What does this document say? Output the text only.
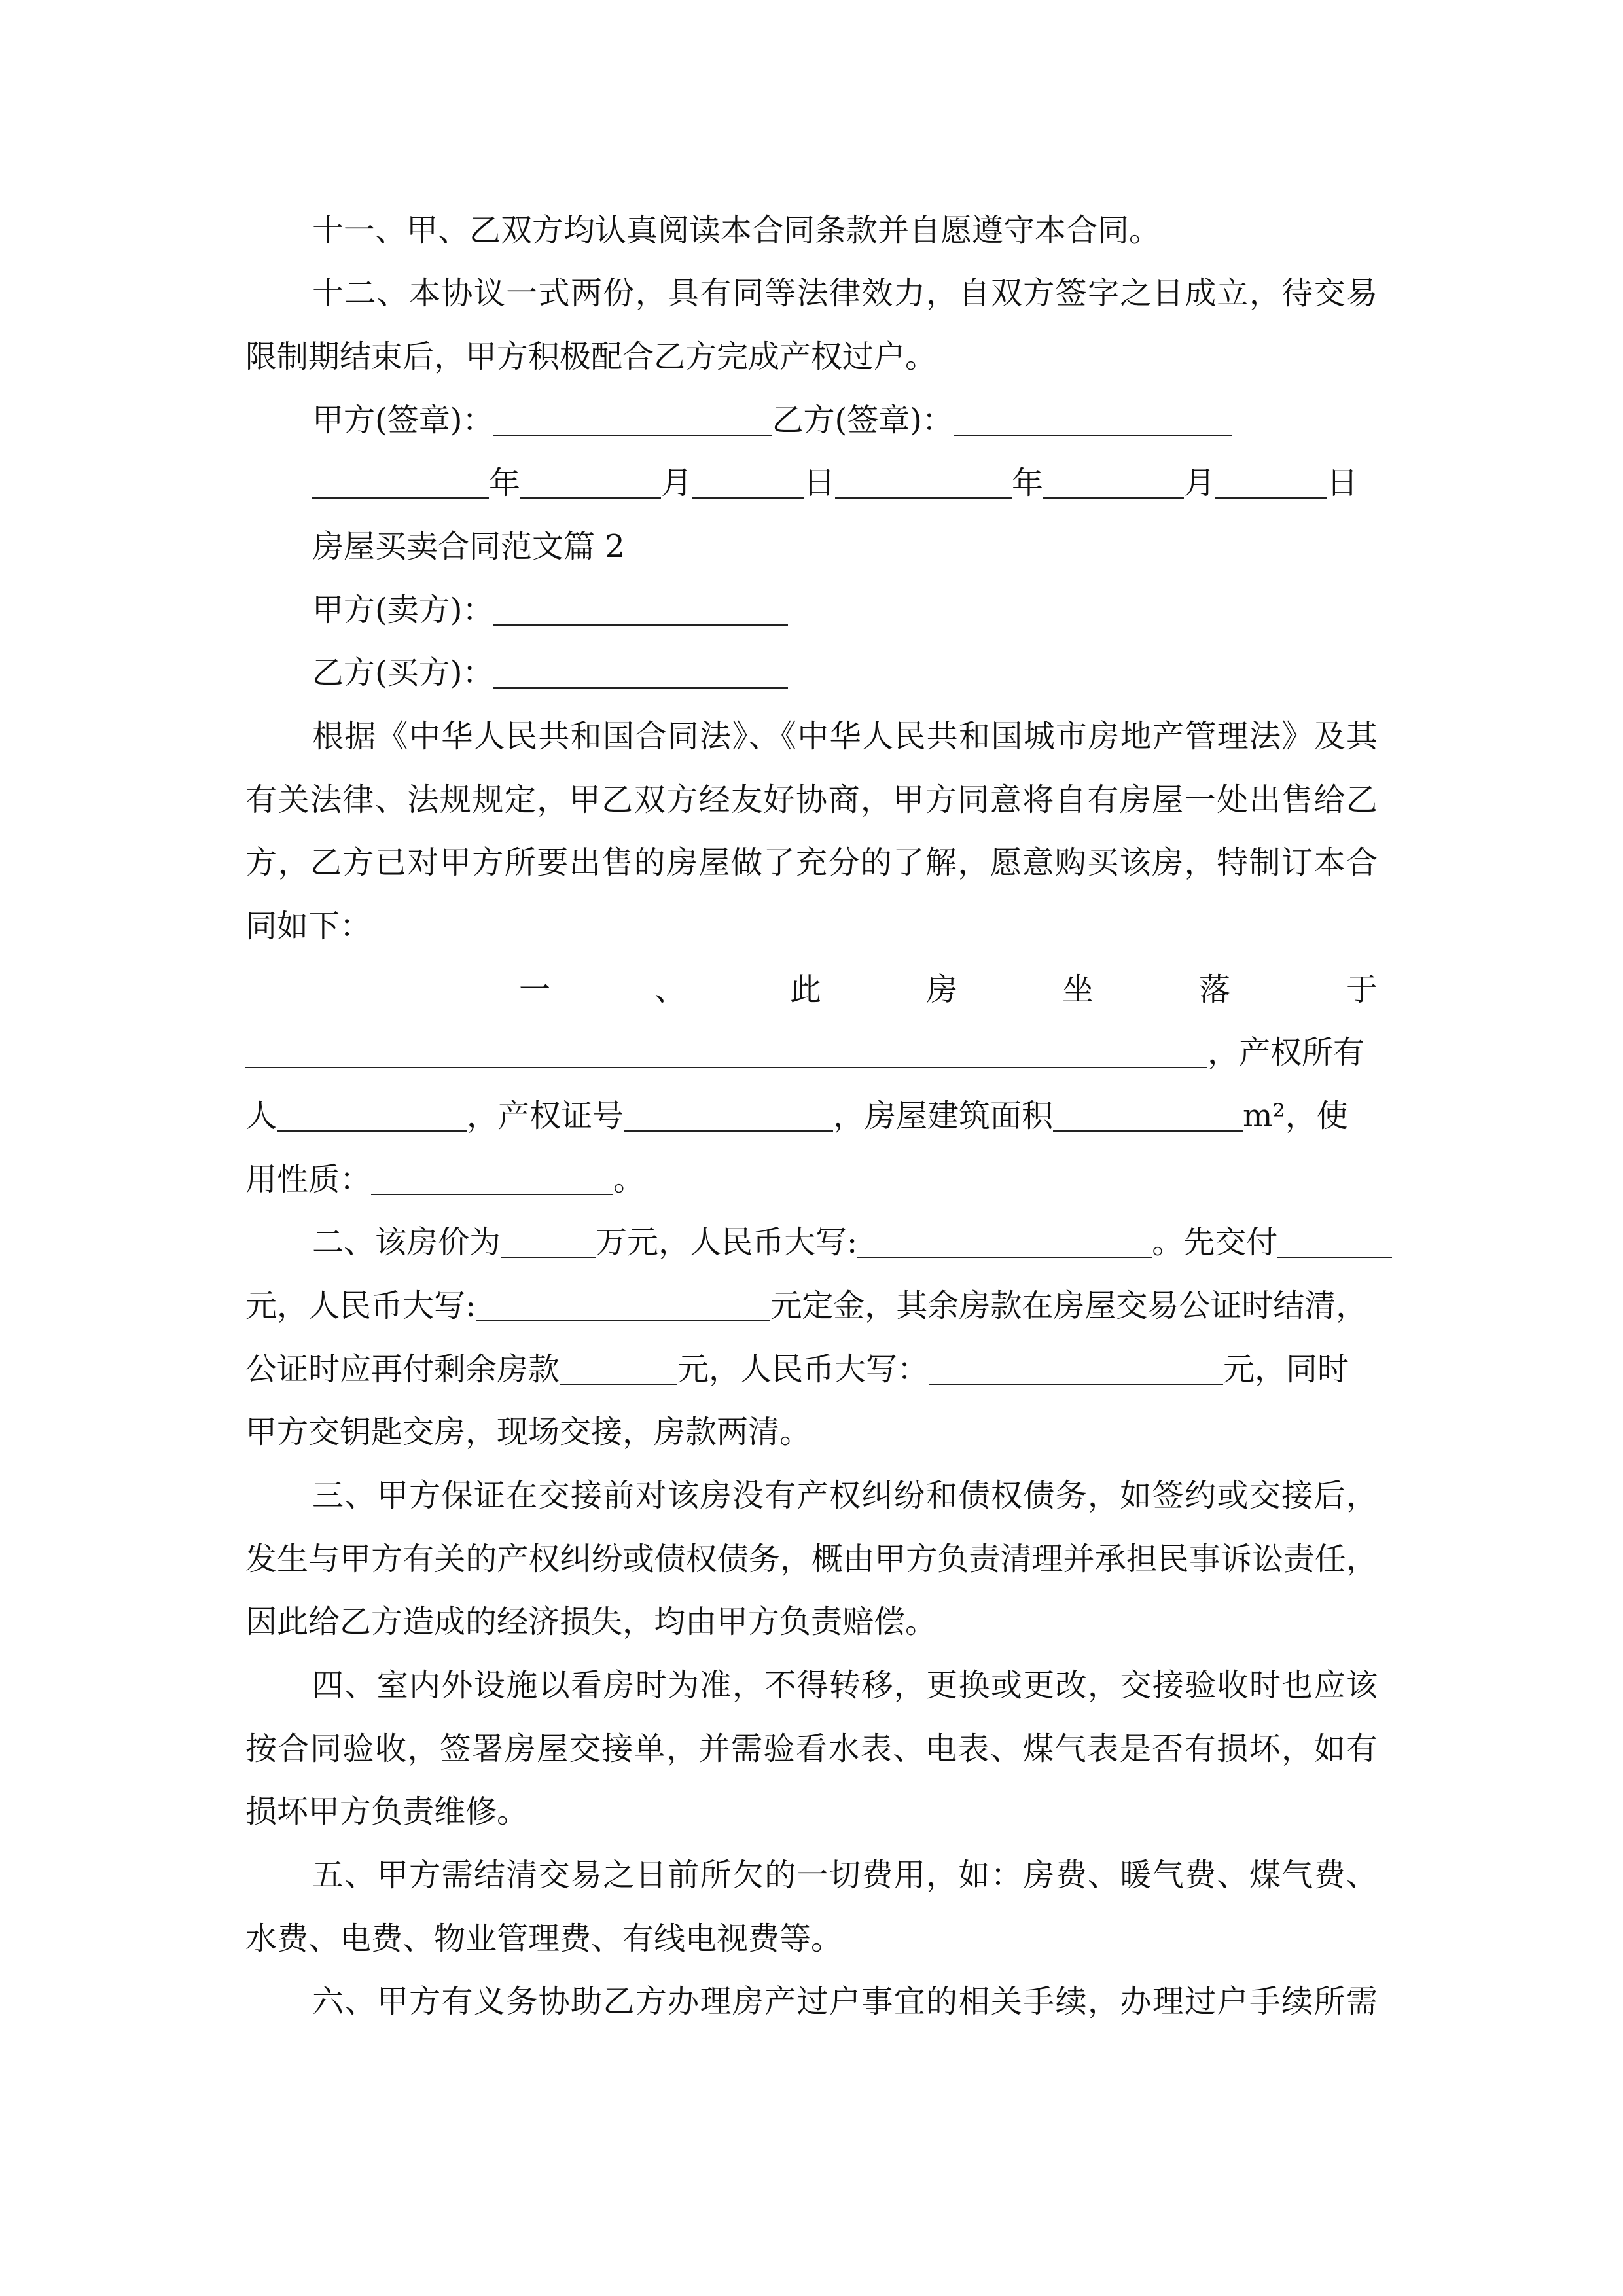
十一、甲、乙双方均认真阅读本合同条款并自愿遵守本合同。
十二、本协议一式两份，具有同等法律效力，自双方签字之日成立，待交易
限制期结束后，甲方积极配合乙方完成产权过户。
甲方(签章)：	乙方(签章)：
年	月	日	年	月	日
房屋买卖合同范文篇 2
甲方(卖方)：
乙方(买方)：
根据《中华人民共和国合同法》、《中华人民共和国城市房地产管理法》及其
有关法律、法规规定，甲乙双方经友好协商，甲方同意将自有房屋一处出售给乙
方，乙方已对甲方所要出售的房屋做了充分的了解，愿意购买该房，特制订本合
同如下：
一	、	此	房	坐	落	于
，产权所有
人	，产权证号	，房屋建筑面积	m²，使
用性质：	。
二、该房价为	万元，人民币大写:	。先交付
元，人民币大写:	元定金，其余房款在房屋交易公证时结清，
公证时应再付剩余房款	元，人民币大写：	元，同时
甲方交钥匙交房，现场交接，房款两清。
三、甲方保证在交接前对该房没有产权纠纷和债权债务，如签约或交接后，
发生与甲方有关的产权纠纷或债权债务，概由甲方负责清理并承担民事诉讼责任，
因此给乙方造成的经济损失，均由甲方负责赔偿。
四、室内外设施以看房时为准，不得转移，更换或更改，交接验收时也应该
按合同验收，签署房屋交接单，并需验看水表、电表、煤气表是否有损坏，如有
损坏甲方负责维修。
五、甲方需结清交易之日前所欠的一切费用，如：房费、暖气费、煤气费、
水费、电费、物业管理费、有线电视费等。
六、甲方有义务协助乙方办理房产过户事宜的相关手续，办理过户手续所需
